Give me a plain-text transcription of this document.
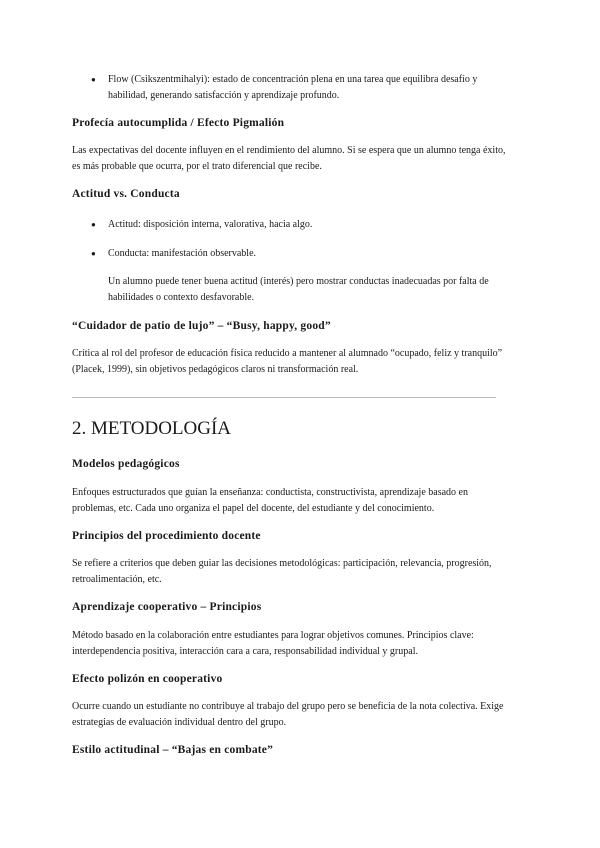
● Flow (Csikszentmihalyi): estado de concentración plena en una tarea que equilibra desafío y habilidad, generando satisfacción y aprendizaje profundo.
Profecía autocumplida / Efecto Pigmalión
Las expectativas del docente influyen en el rendimiento del alumno. Si se espera que un alumno tenga éxito, es más probable que ocurra, por el trato diferencial que recibe.
Actitud vs. Conducta
● Actitud: disposición interna, valorativa, hacia algo.
● Conducta: manifestación observable.
Un alumno puede tener buena actitud (interés) pero mostrar conductas inadecuadas por falta de habilidades o contexto desfavorable.
“Cuidador de patio de lujo” – “Busy, happy, good”
Crítica al rol del profesor de educación física reducido a mantener al alumnado “ocupado, feliz y tranquilo” (Placek, 1999), sin objetivos pedagógicos claros ni transformación real.
2. METODOLOGÍA
Modelos pedagógicos
Enfoques estructurados que guían la enseñanza: conductista, constructivista, aprendizaje basado en problemas, etc. Cada uno organiza el papel del docente, del estudiante y del conocimiento.
Principios del procedimiento docente
Se refiere a criterios que deben guiar las decisiones metodológicas: participación, relevancia, progresión, retroalimentación, etc.
Aprendizaje cooperativo – Principios
Método basado en la colaboración entre estudiantes para lograr objetivos comunes. Principios clave: interdependencia positiva, interacción cara a cara, responsabilidad individual y grupal.
Efecto polizón en cooperativo
Ocurre cuando un estudiante no contribuye al trabajo del grupo pero se beneficia de la nota colectiva. Exige estrategias de evaluación individual dentro del grupo.
Estilo actitudinal – “Bajas en combate”
